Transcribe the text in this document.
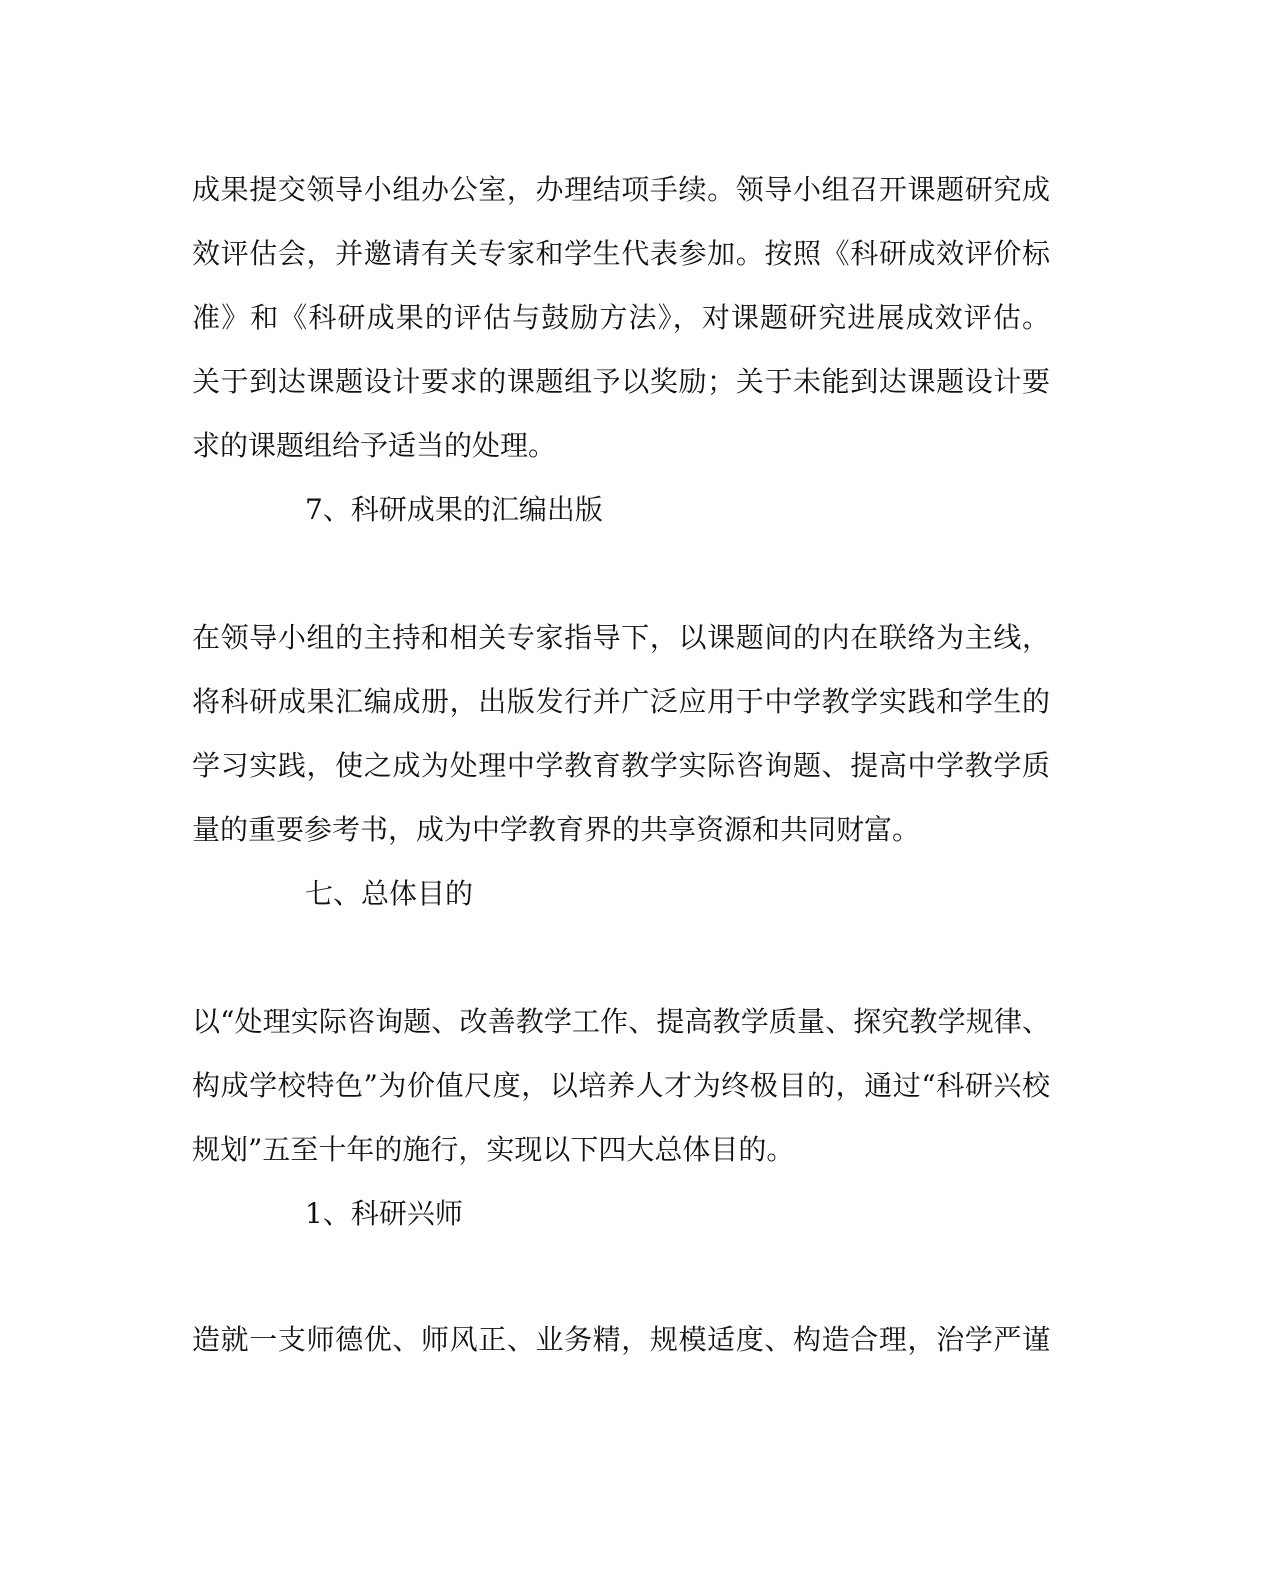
成果提交领导小组办公室，办理结项手续。领导小组召开课题研究成
效评估会，并邀请有关专家和学生代表参加。按照《科研成效评价标
准》和《科研成果的评估与鼓励方法》，对课题研究进展成效评估。
关于到达课题设计要求的课题组予以奖励；关于未能到达课题设计要
求的课题组给予适当的处理。
7、科研成果的汇编出版
在领导小组的主持和相关专家指导下，以课题间的内在联络为主线，
将科研成果汇编成册，出版发行并广泛应用于中学教学实践和学生的
学习实践，使之成为处理中学教育教学实际咨询题、提高中学教学质
量的重要参考书，成为中学教育界的共享资源和共同财富。
七、总体目的
以“处理实际咨询题、改善教学工作、提高教学质量、探究教学规律、
构成学校特色”为价值尺度，以培养人才为终极目的，通过“科研兴校
规划”五至十年的施行，实现以下四大总体目的。
1、科研兴师
造就一支师德优、师风正、业务精，规模适度、构造合理，治学严谨
